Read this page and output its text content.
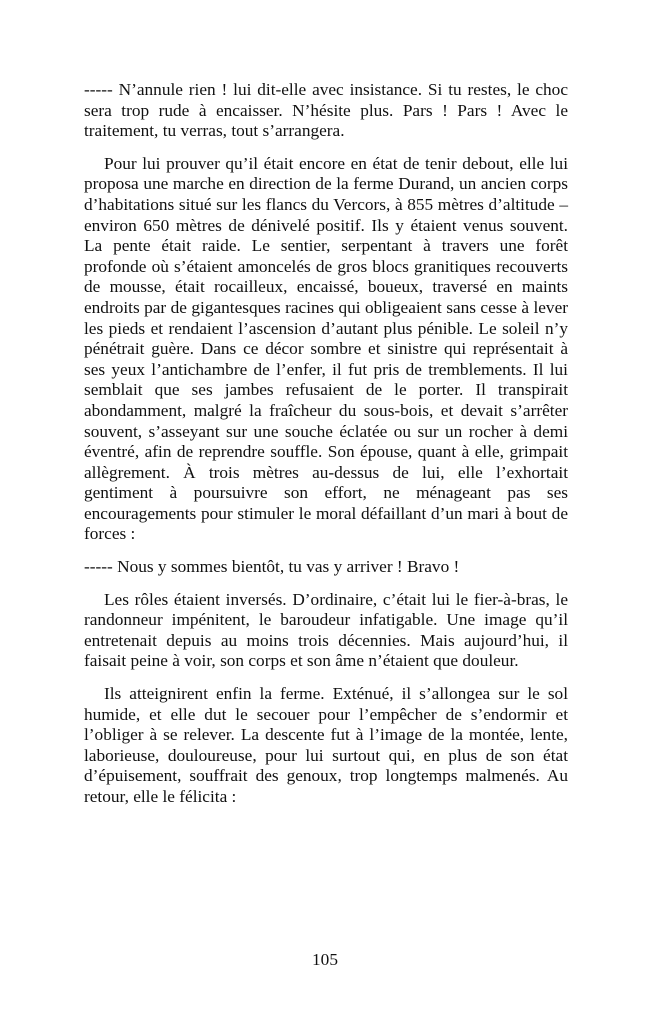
----- N’annule rien ! lui dit-elle avec insistance. Si tu restes, le choc sera trop rude à encaisser. N’hésite plus. Pars ! Pars ! Avec le traitement, tu verras, tout s’arrangera.

Pour lui prouver qu’il était encore en état de tenir debout, elle lui proposa une marche en direction de la ferme Durand, un ancien corps d’habitations situé sur les flancs du Vercors, à 855 mètres d’altitude – environ 650 mètres de dénivelé positif. Ils y étaient venus souvent. La pente était raide. Le sentier, serpentant à travers une forêt profonde où s’étaient amoncelés de gros blocs granitiques recouverts de mousse, était rocailleux, encaissé, boueux, traversé en maints endroits par de gigantesques racines qui obligeaient sans cesse à lever les pieds et rendaient l’ascension d’autant plus pénible. Le soleil n’y pénétrait guère. Dans ce décor sombre et sinistre qui représentait à ses yeux l’antichambre de l’enfer, il fut pris de tremblements. Il lui semblait que ses jambes refusaient de le porter. Il transpirait abondamment, malgré la fraîcheur du sous-bois, et devait s’arrêter souvent, s’asseyant sur une souche éclatée ou sur un rocher à demi éventré, afin de reprendre souffle. Son épouse, quant à elle, grimpait allègrement. À trois mètres au-dessus de lui, elle l’exhortait gentiment à poursuivre son effort, ne ménageant pas ses encouragements pour stimuler le moral défaillant d’un mari à bout de forces :

----- Nous y sommes bientôt, tu vas y arriver ! Bravo !

Les rôles étaient inversés. D’ordinaire, c’était lui le fier-à-bras, le randonneur impénitent, le baroudeur infatigable. Une image qu’il entretenait depuis au moins trois décennies. Mais aujourd’hui, il faisait peine à voir, son corps et son âme n’étaient que douleur.

Ils atteignirent enfin la ferme. Exténué, il s’allongea sur le sol humide, et elle dut le secouer pour l’empêcher de s’endormir et l’obliger à se relever. La descente fut à l’image de la montée, lente, laborieuse, douloureuse, pour lui surtout qui, en plus de son état d’épuisement, souffrait des genoux, trop longtemps malmenés. Au retour, elle le félicita :

105
